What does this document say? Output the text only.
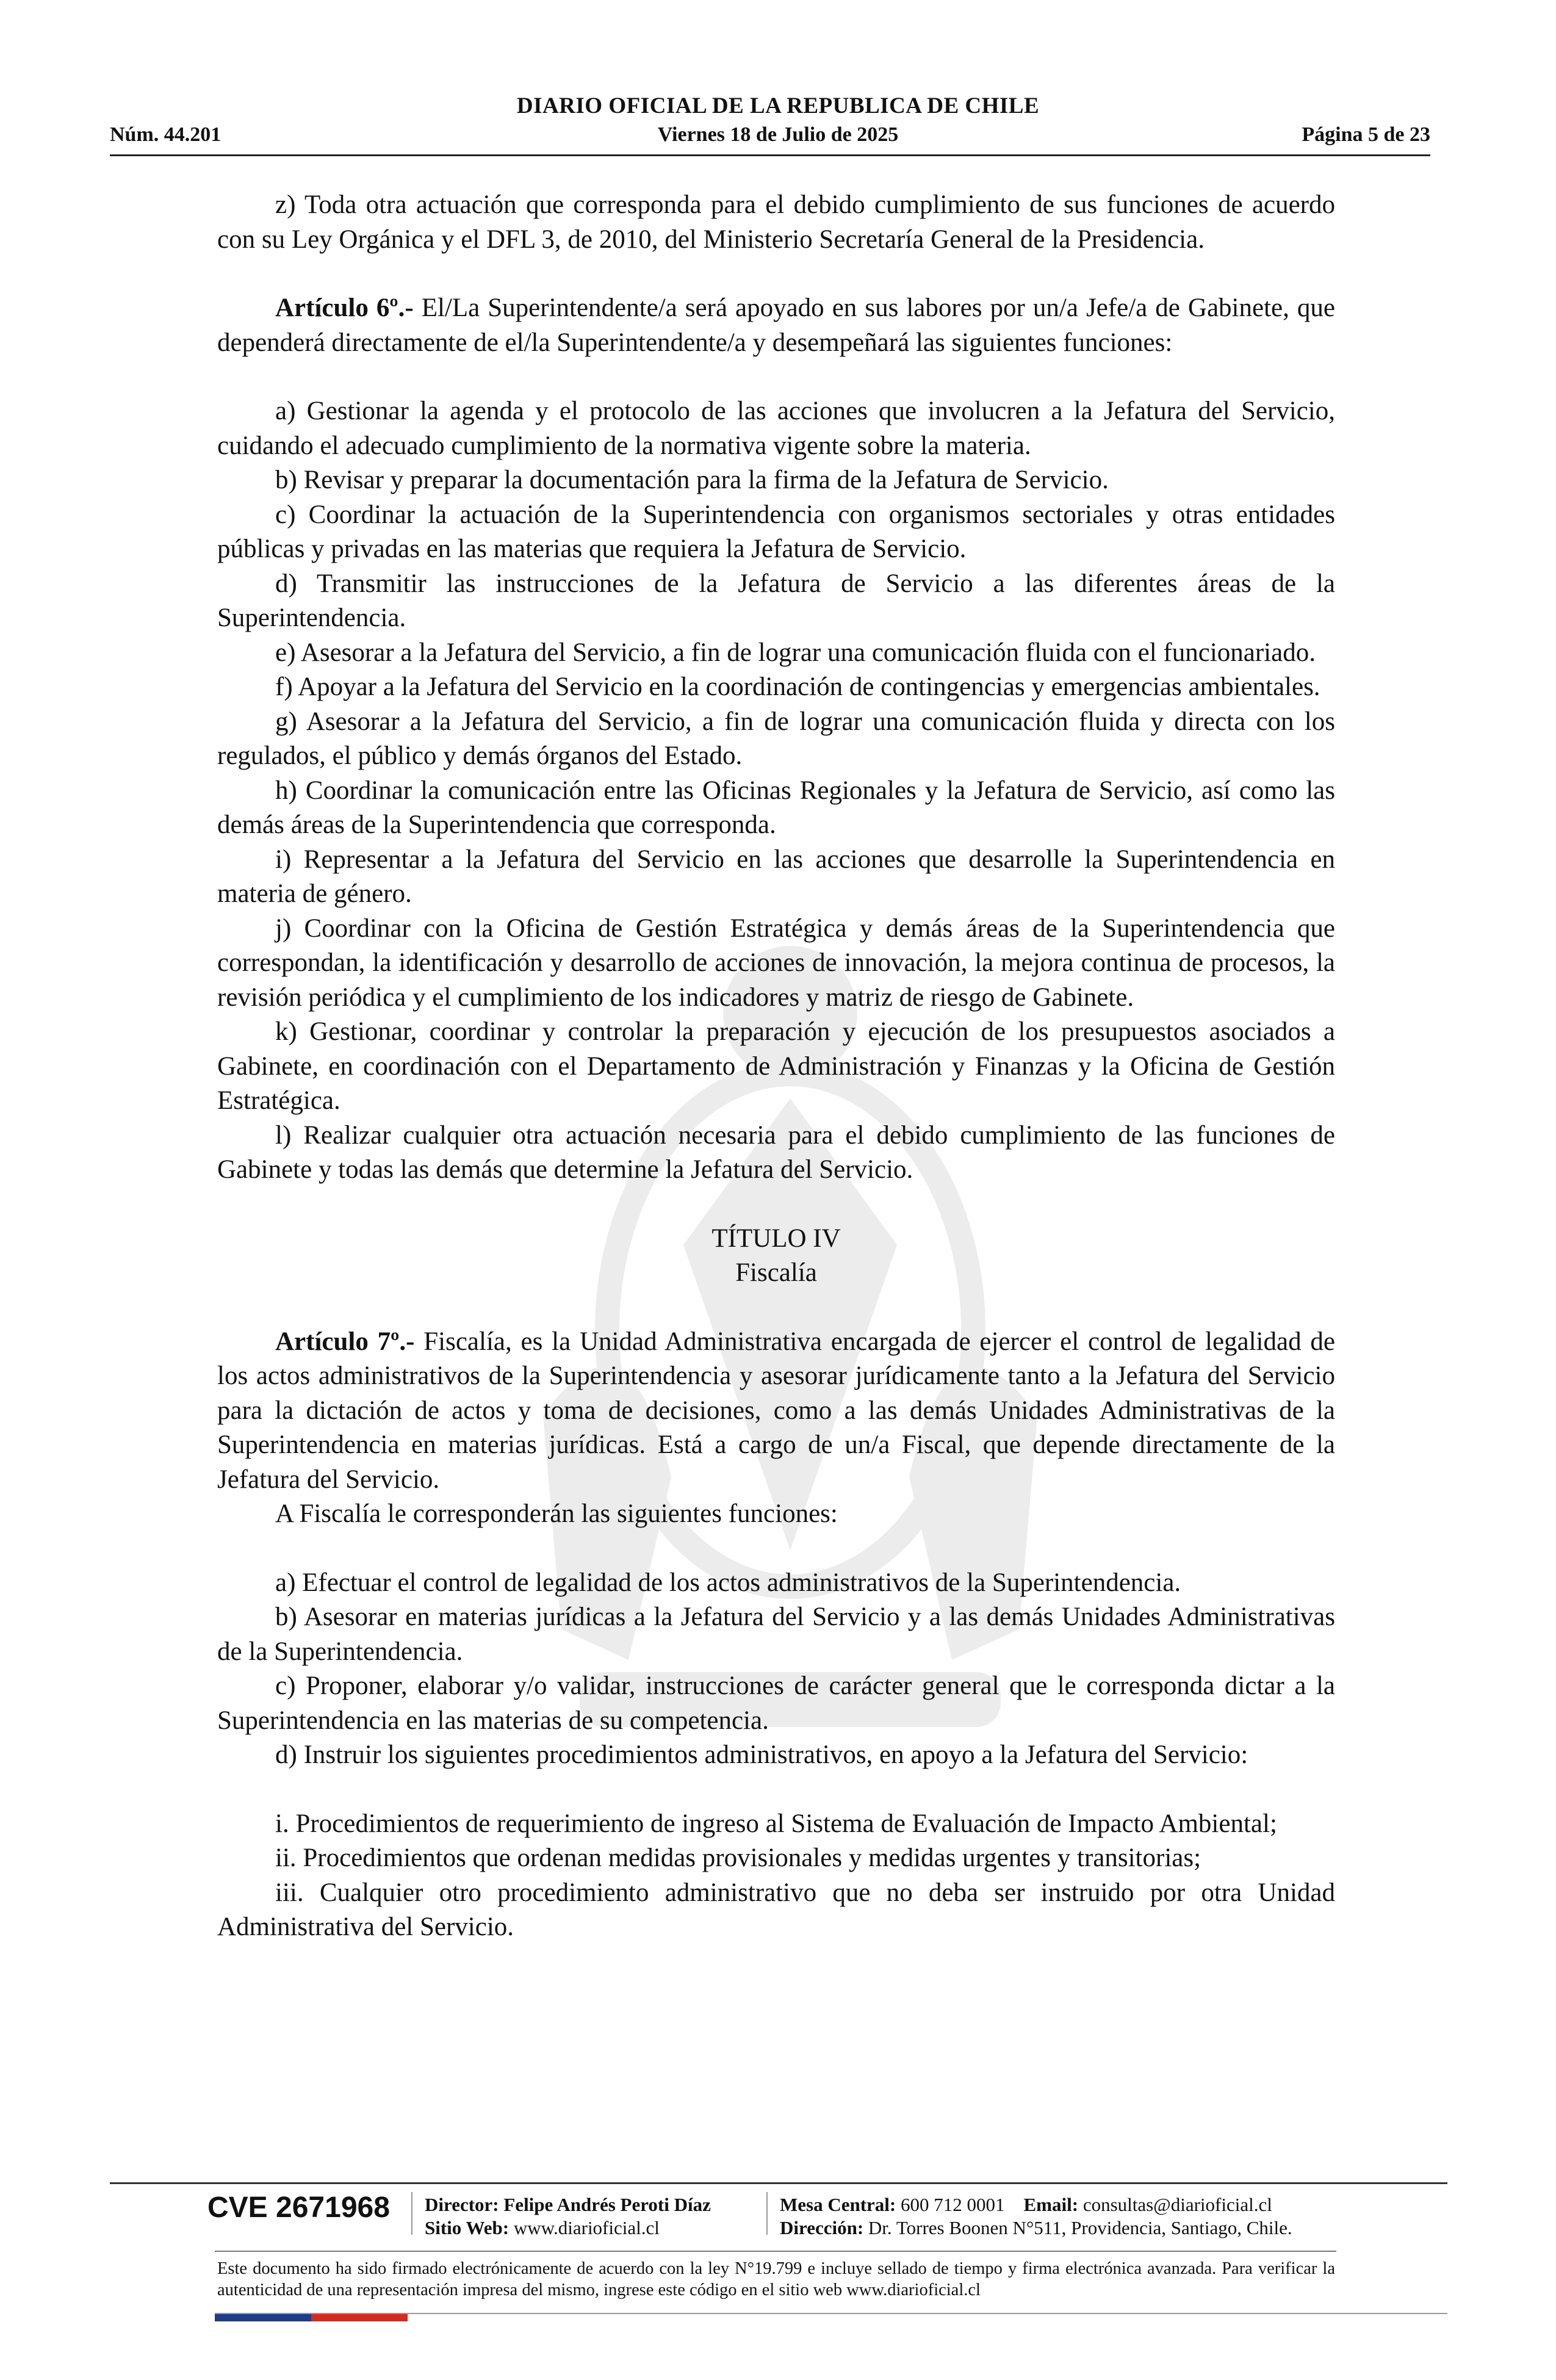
DIARIO OFICIAL DE LA REPUBLICA DE CHILE
Núm. 44.201	Viernes 18 de Julio de 2025	Página 5 de 23

z) Toda otra actuación que corresponda para el debido cumplimiento de sus funciones de acuerdo con su Ley Orgánica y el DFL 3, de 2010, del Ministerio Secretaría General de la Presidencia.

Artículo 6º.- El/La Superintendente/a será apoyado en sus labores por un/a Jefe/a de Gabinete, que dependerá directamente de el/la Superintendente/a y desempeñará las siguientes funciones:

a) Gestionar la agenda y el protocolo de las acciones que involucren a la Jefatura del Servicio, cuidando el adecuado cumplimiento de la normativa vigente sobre la materia.

b) Revisar y preparar la documentación para la firma de la Jefatura de Servicio.

c) Coordinar la actuación de la Superintendencia con organismos sectoriales y otras entidades públicas y privadas en las materias que requiera la Jefatura de Servicio.

d) Transmitir las instrucciones de la Jefatura de Servicio a las diferentes áreas de la Superintendencia.

e) Asesorar a la Jefatura del Servicio, a fin de lograr una comunicación fluida con el funcionariado.

f) Apoyar a la Jefatura del Servicio en la coordinación de contingencias y emergencias ambientales.

g) Asesorar a la Jefatura del Servicio, a fin de lograr una comunicación fluida y directa con los regulados, el público y demás órganos del Estado.

h) Coordinar la comunicación entre las Oficinas Regionales y la Jefatura de Servicio, así como las demás áreas de la Superintendencia que corresponda.

i) Representar a la Jefatura del Servicio en las acciones que desarrolle la Superintendencia en materia de género.

j) Coordinar con la Oficina de Gestión Estratégica y demás áreas de la Superintendencia que correspondan, la identificación y desarrollo de acciones de innovación, la mejora continua de procesos, la revisión periódica y el cumplimiento de los indicadores y matriz de riesgo de Gabinete.

k) Gestionar, coordinar y controlar la preparación y ejecución de los presupuestos asociados a Gabinete, en coordinación con el Departamento de Administración y Finanzas y la Oficina de Gestión Estratégica.

l) Realizar cualquier otra actuación necesaria para el debido cumplimiento de las funciones de Gabinete y todas las demás que determine la Jefatura del Servicio.

TÍTULO IV

Fiscalía

Artículo 7º.- Fiscalía, es la Unidad Administrativa encargada de ejercer el control de legalidad de los actos administrativos de la Superintendencia y asesorar jurídicamente tanto a la Jefatura del Servicio para la dictación de actos y toma de decisiones, como a las demás Unidades Administrativas de la Superintendencia en materias jurídicas. Está a cargo de un/a Fiscal, que depende directamente de la Jefatura del Servicio.

A Fiscalía le corresponderán las siguientes funciones:

a) Efectuar el control de legalidad de los actos administrativos de la Superintendencia.

b) Asesorar en materias jurídicas a la Jefatura del Servicio y a las demás Unidades Administrativas de la Superintendencia.

c) Proponer, elaborar y/o validar, instrucciones de carácter general que le corresponda dictar a la Superintendencia en las materias de su competencia.

d) Instruir los siguientes procedimientos administrativos, en apoyo a la Jefatura del Servicio:

i. Procedimientos de requerimiento de ingreso al Sistema de Evaluación de Impacto Ambiental;

ii. Procedimientos que ordenan medidas provisionales y medidas urgentes y transitorias;

iii. Cualquier otro procedimiento administrativo que no deba ser instruido por otra Unidad Administrativa del Servicio.

CVE 2671968 Director: Felipe Andrés Peroti Díaz
Sitio Web: www.diarioficial.cl
Mesa Central: 600 712 0001 Email: consultas@diarioficial.cl
Dirección: Dr. Torres Boonen N°511, Providencia, Santiago, Chile.
Este documento ha sido firmado electrónicamente de acuerdo con la ley N°19.799 e incluye sellado de tiempo y firma electrónica avanzada. Para verificar la autenticidad de una representación impresa del mismo, ingrese este código en el sitio web www.diarioficial.cl
